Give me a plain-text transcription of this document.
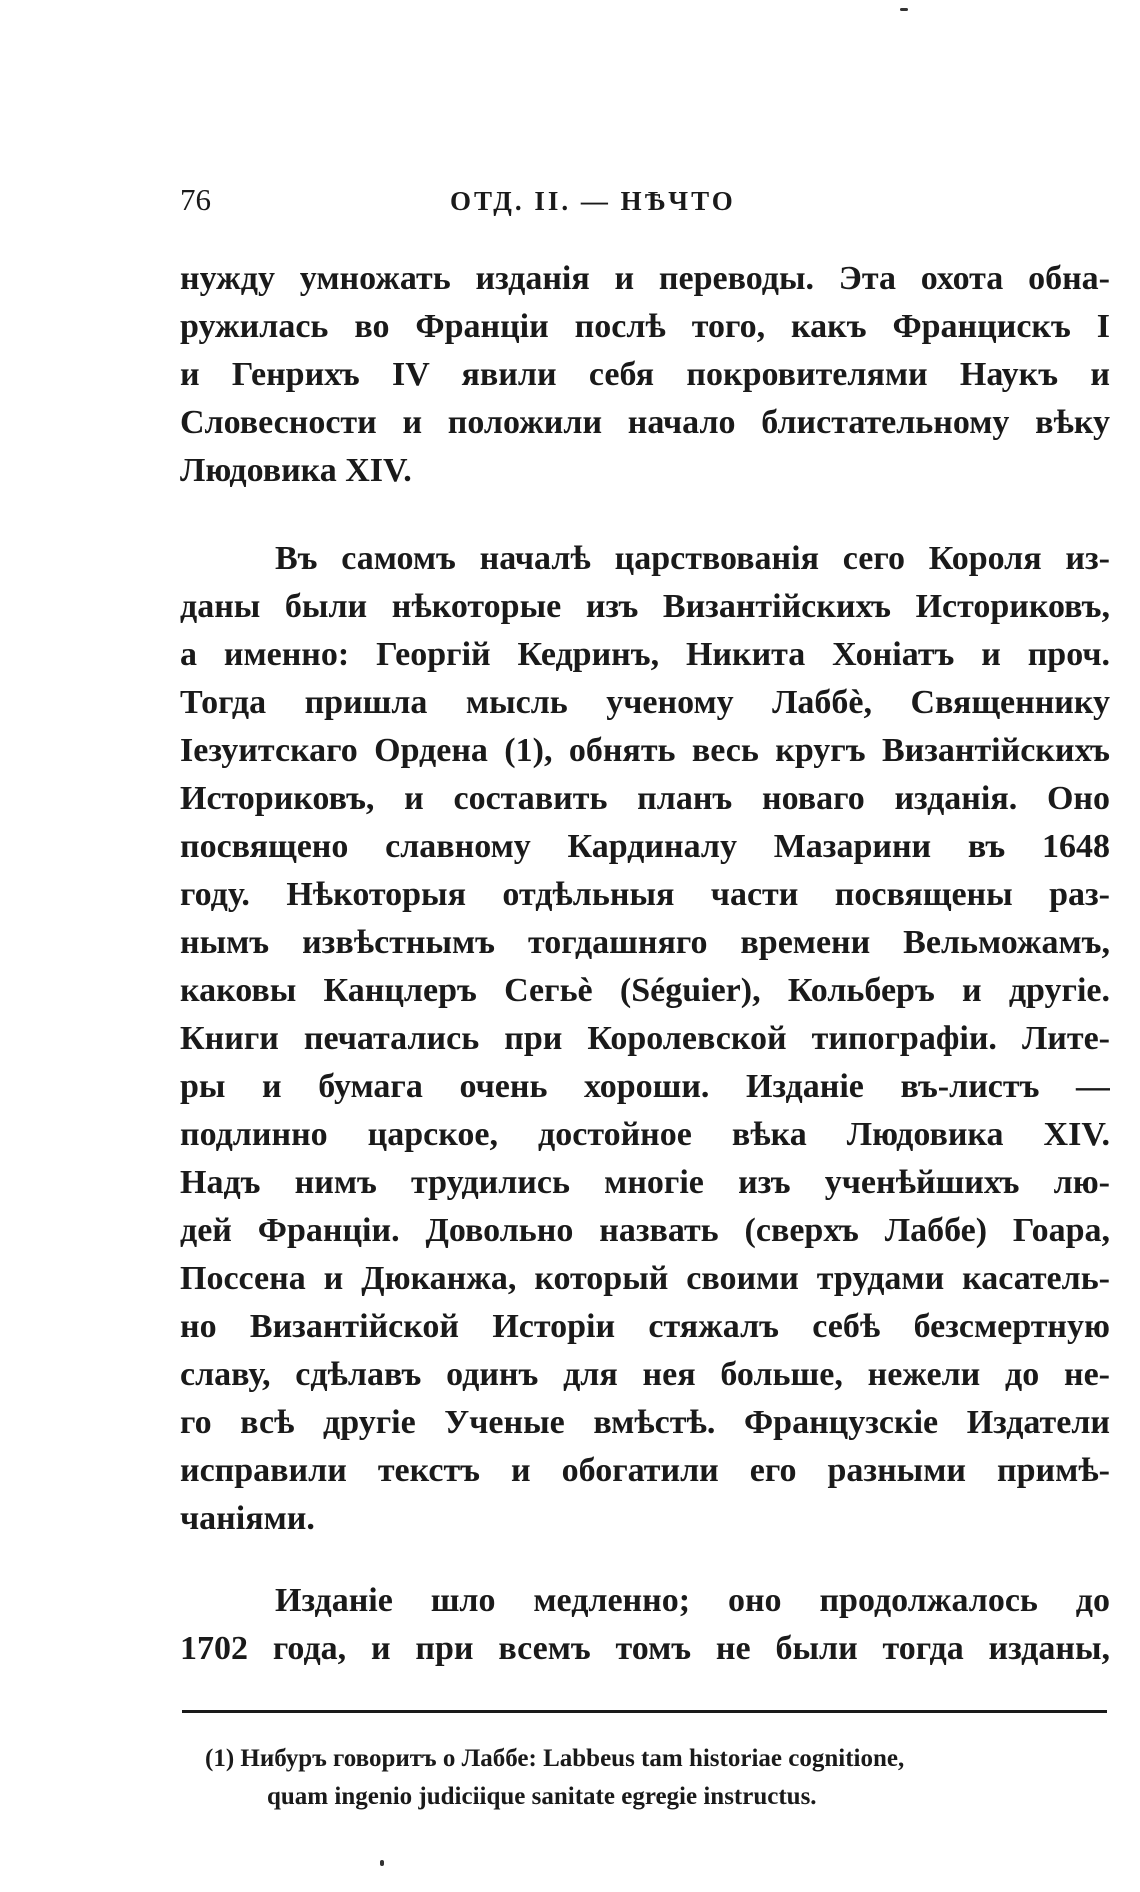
76	ОТД. II. — НѢЧТО
нужду умножать изданія и переводы. Эта охота обна-
ружилась во Франціи послѣ того, какъ Францискъ I
и Генрихъ IV явили себя покровителями Наукъ и
Словесности и положили начало блистательному вѣку
Людовика XIV.
Въ самомъ началѣ царствованія сего Короля из-
даны были нѣкоторые изъ Византійскихъ Историковъ,
а именно: Георгій Кедринъ, Никита Хоніатъ и проч.
Тогда пришла мысль ученому Лаббѐ, Священнику
Іезуитскаго Ордена (1), обнять весь кругъ Византійскихъ
Историковъ, и составить планъ новаго изданія. Оно
посвящено славному Кардиналу Мазарини въ 1648
году. Нѣкоторыя отдѣльныя части посвящены раз-
нымъ извѣстнымъ тогдашняго времени Вельможамъ,
каковы Канцлеръ Сегьѐ (Séguier), Кольберъ и другіе.
Книги печатались при Королевской типографіи. Литe-
ры и бумага очень хороши. Изданіе въ-листъ —
подлинно царское, достойное вѣка Людовика XIV.
Надъ нимъ трудились многіе изъ ученѣйшихъ лю-
дей Франціи. Довольно назвать (сверхъ Лаббе) Гоара,
Поссена и Дюканжа, который своими трудами касатель-
но Византійской Исторіи стяжалъ себѣ безсмертную
славу, сдѣлавъ одинъ для нея больше, нежели до не-
го всѣ другіе Ученые вмѣстѣ. Французскіе Издатели
исправили текстъ и обогатили его разными примѣ-
чаніями.
Изданіе шло медленно; оно продолжалось до
1702 года, и при всемъ томъ не были тогда изданы,
(1) Нибуръ говоритъ о Лаббе: Labbeus tam historiae cognitione,
quam ingenio judiciique sanitate egregie instructus.
